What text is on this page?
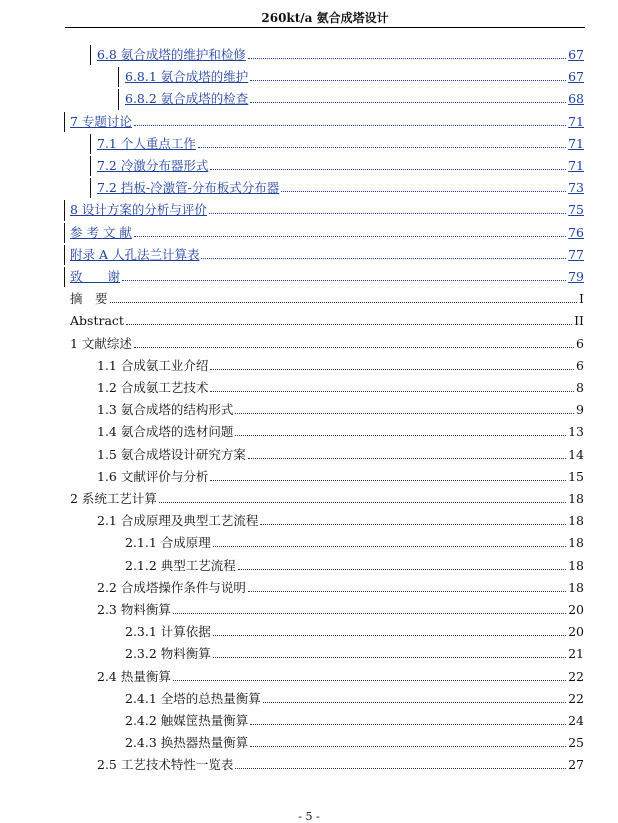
260kt/a 氨合成塔设计
6.8 氨合成塔的维护和检修	67
6.8.1 氨合成塔的维护	67
6.8.2 氨合成塔的检查	68
7 专题讨论	71
7.1 个人重点工作	71
7.2 冷激分布器形式	71
7.2 挡板-冷激管-分布板式分布器	73
8 设计方案的分析与评价	75
参 考 文 献	76
附录 A 人孔法兰计算表	77
致　　谢	79
摘　要	I
Abstract	II
1 文献综述	6
1.1 合成氨工业介绍	6
1.2 合成氨工艺技术	8
1.3 氨合成塔的结构形式	9
1.4 氨合成塔的选材问题	13
1.5 氨合成塔设计研究方案	14
1.6 文献评价与分析	15
2 系统工艺计算	18
2.1 合成原理及典型工艺流程	18
2.1.1 合成原理	18
2.1.2 典型工艺流程	18
2.2 合成塔操作条件与说明	18
2.3 物料衡算	20
2.3.1 计算依据	20
2.3.2 物料衡算	21
2.4 热量衡算	22
2.4.1 全塔的总热量衡算	22
2.4.2 触媒筐热量衡算	24
2.4.3 换热器热量衡算	25
2.5 工艺技术特性一览表	27
- 5 -
